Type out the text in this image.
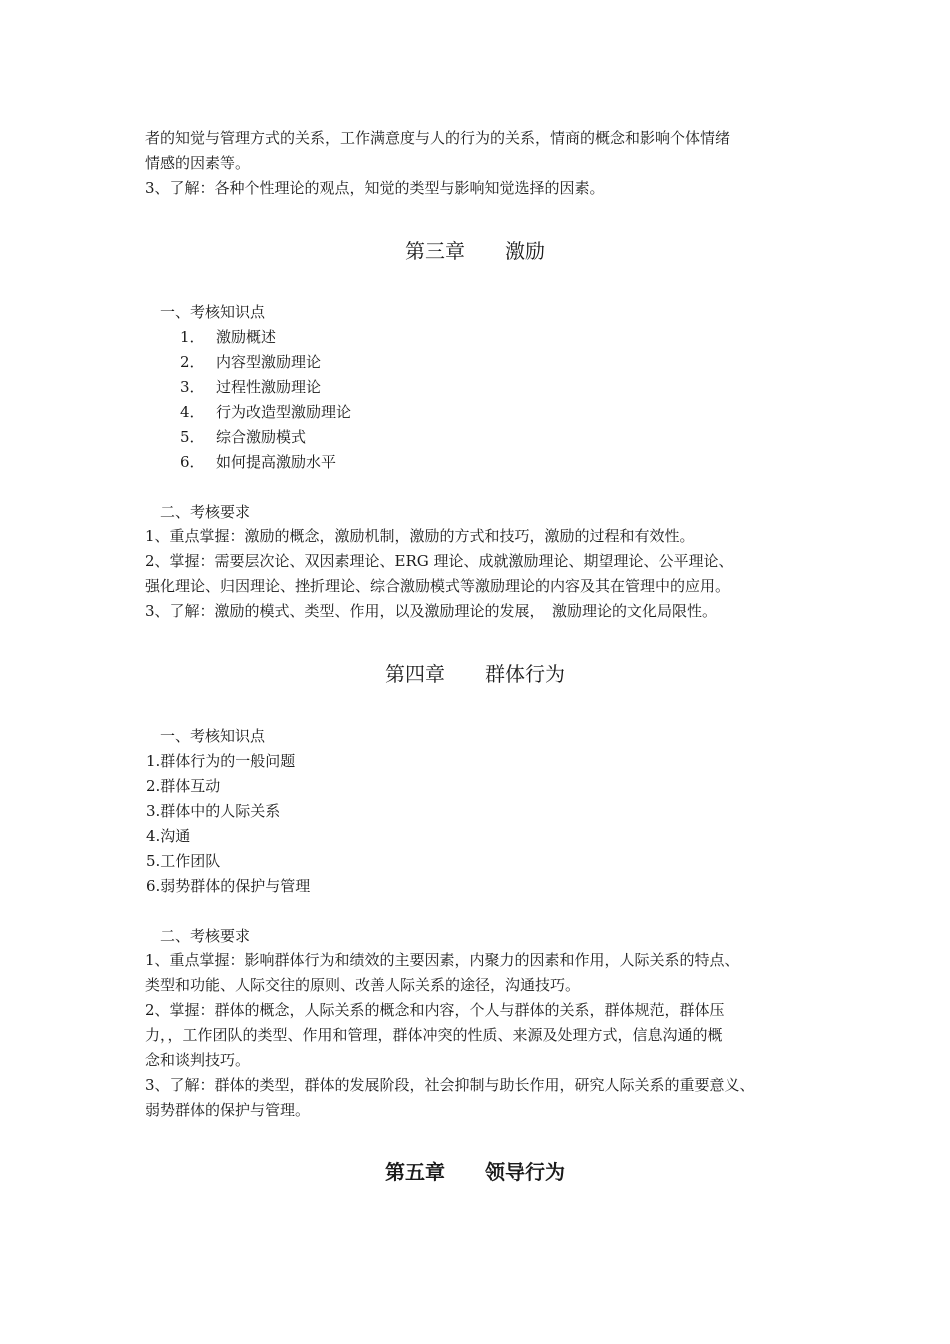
者的知觉与管理方式的关系，工作满意度与人的行为的关系，情商的概念和影响个体情绪
情感的因素等。
3、了解：各种个性理论的观点，知觉的类型与影响知觉选择的因素。
第三章　　激励
一、考核知识点
1． 激励概述
2． 内容型激励理论
3． 过程性激励理论
4． 行为改造型激励理论
5． 综合激励模式
6． 如何提高激励水平
二、考核要求
1、重点掌握：激励的概念，激励机制，激励的方式和技巧，激励的过程和有效性。
2、掌握：需要层次论、双因素理论、ERG 理论、成就激励理论、期望理论、公平理论、
强化理论、归因理论、挫折理论、综合激励模式等激励理论的内容及其在管理中的应用。
3、了解：激励的模式、类型、作用，以及激励理论的发展，　激励理论的文化局限性。
第四章　　群体行为
一、考核知识点
1.群体行为的一般问题
2.群体互动
3.群体中的人际关系
4.沟通
5.工作团队
6.弱势群体的保护与管理
二、考核要求
1、重点掌握：影响群体行为和绩效的主要因素，内聚力的因素和作用，人际关系的特点、
类型和功能、人际交往的原则、改善人际关系的途径，沟通技巧。
2、掌握：群体的概念，人际关系的概念和内容，个人与群体的关系，群体规范，群体压
力，，工作团队的类型、作用和管理，群体冲突的性质、来源及处理方式，信息沟通的概
念和谈判技巧。
3、了解：群体的类型，群体的发展阶段，社会抑制与助长作用，研究人际关系的重要意义、
弱势群体的保护与管理。
第五章　　领导行为
